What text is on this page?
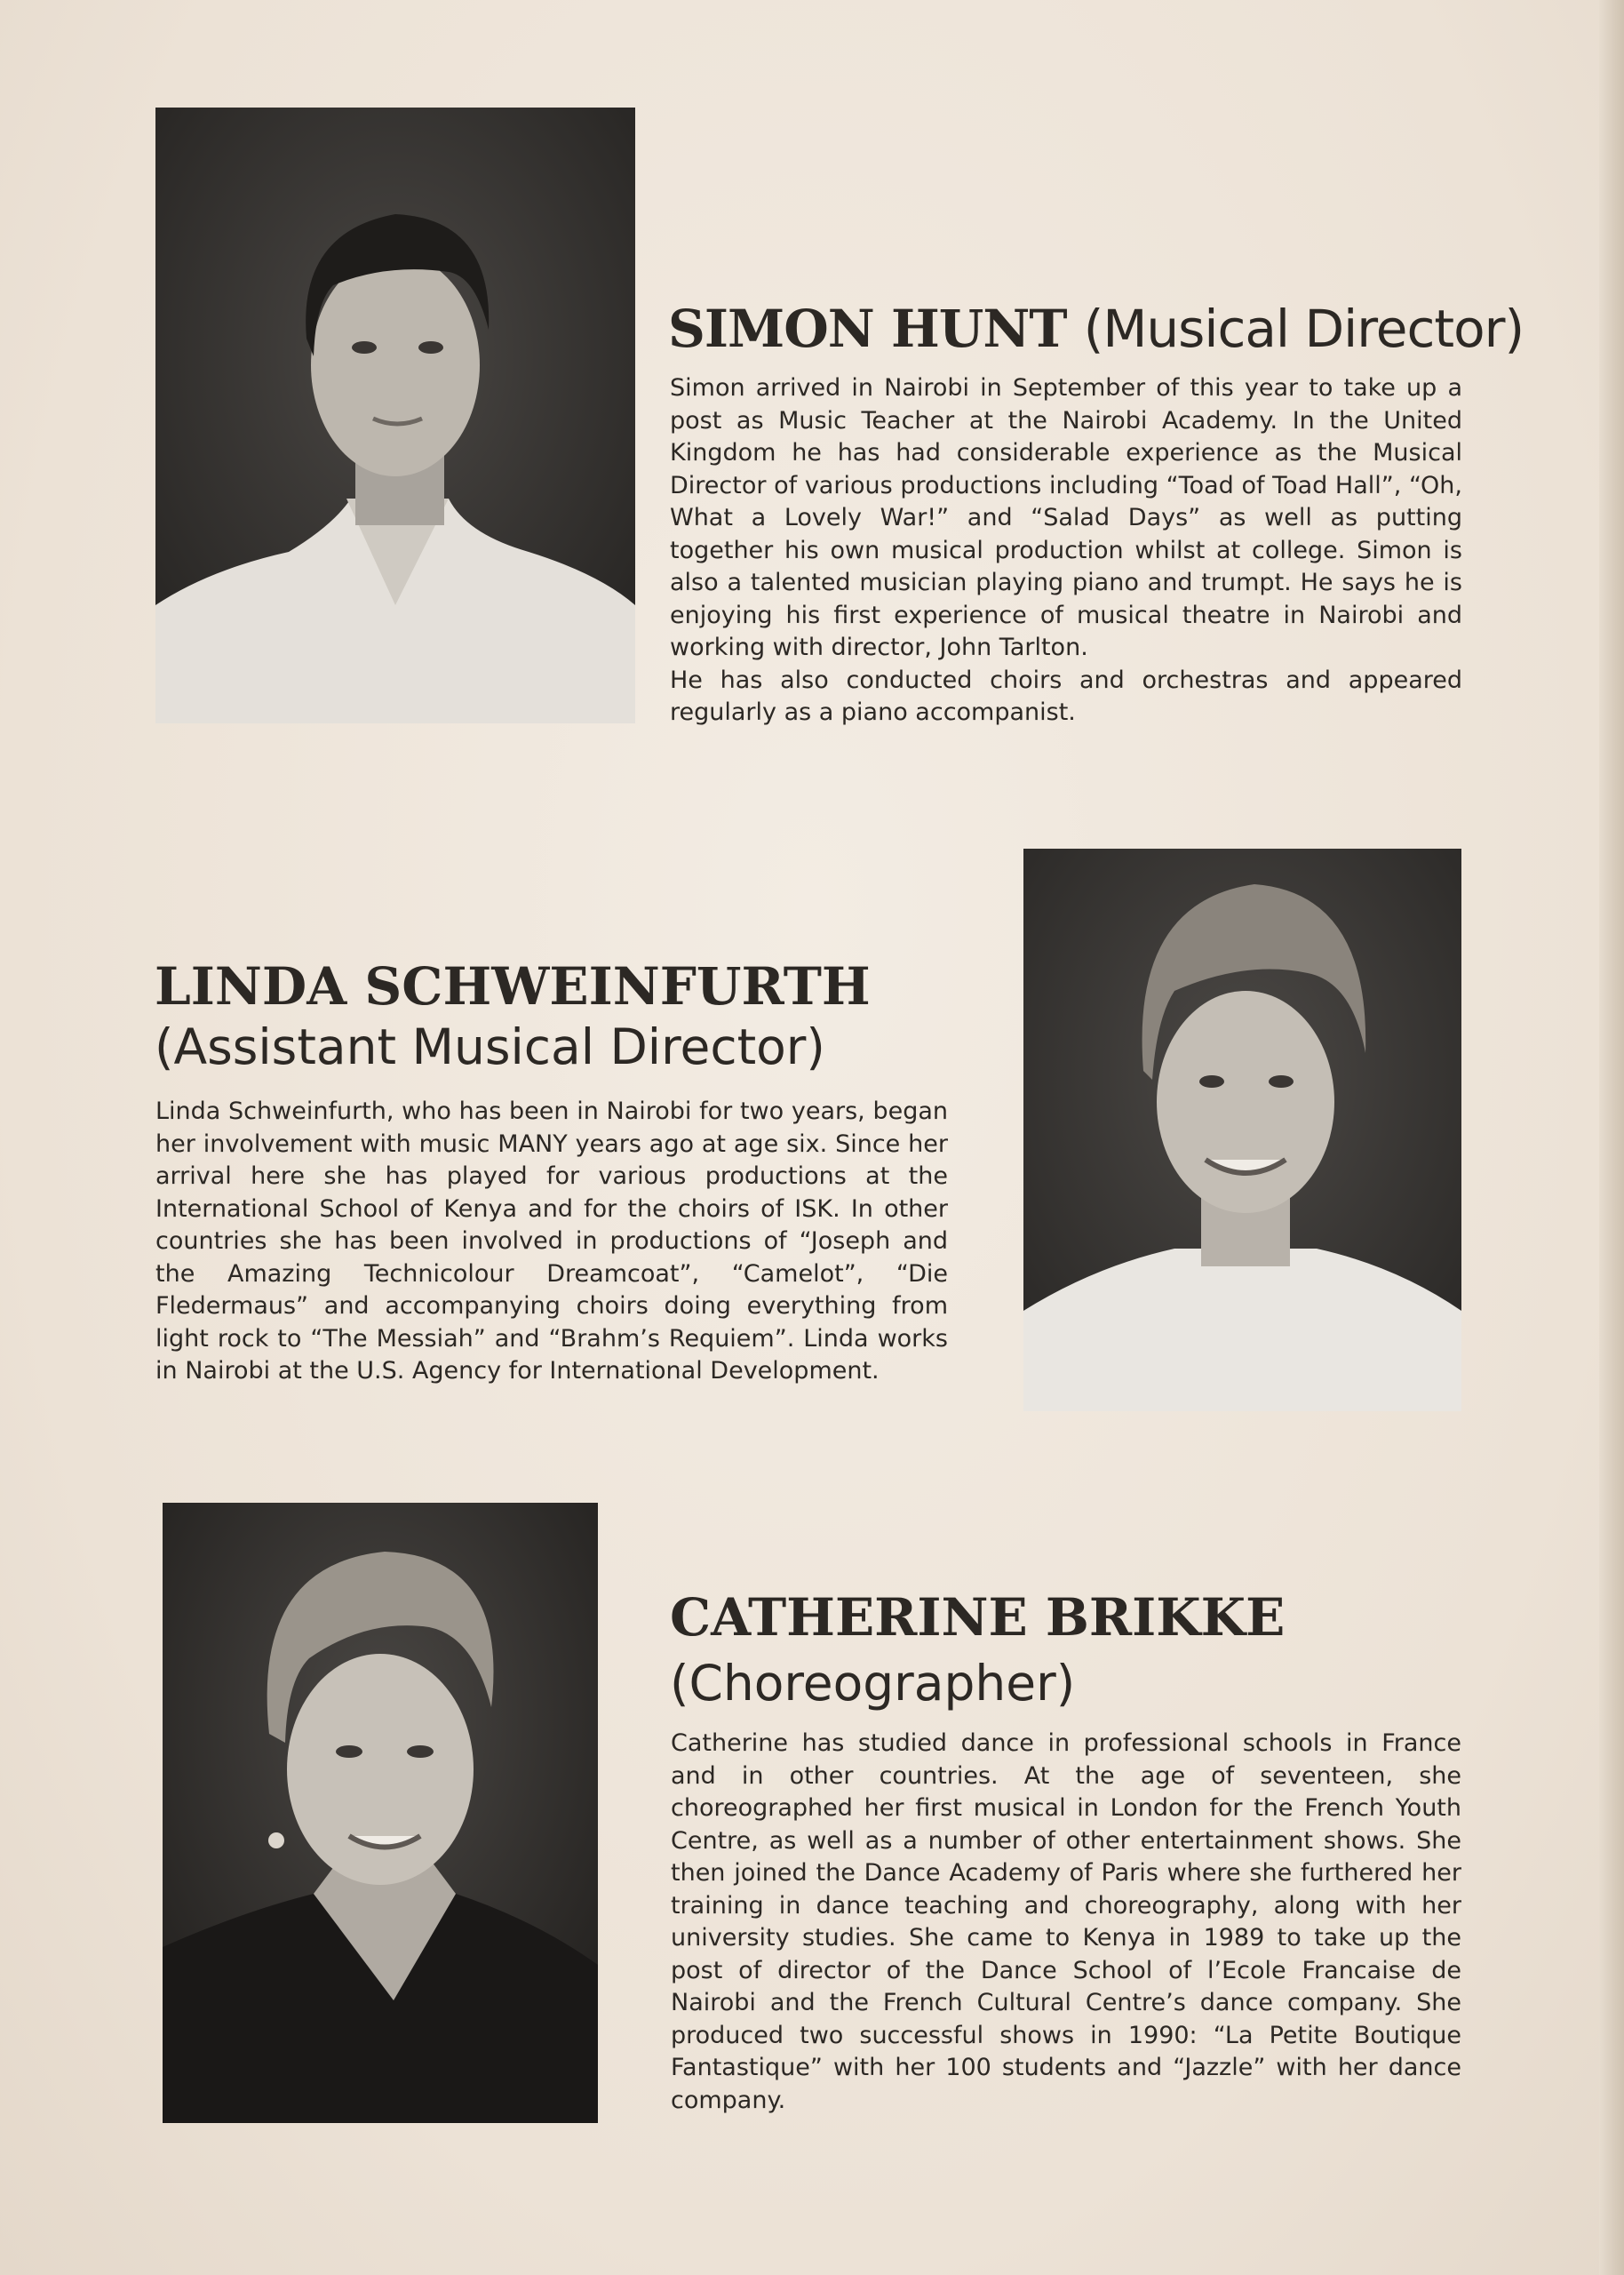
SIMON HUNT (Musical Director)

Simon arrived in Nairobi in September of this year to take up a post as Music Teacher at the Nairobi Academy. In the United Kingdom he has had considerable experience as the Musical Director of various productions including “Toad of Toad Hall”, “Oh, What a Lovely War!” and “Salad Days” as well as putting together his own musical production whilst at college. Simon is also a talented musician playing piano and trumpt. He says he is enjoying his first experience of musical theatre in Nairobi and working with director, John Tarlton.

He has also conducted choirs and orchestras and appeared regularly as a piano accompanist.

LINDA SCHWEINFURTH
(Assistant Musical Director)

Linda Schweinfurth, who has been in Nairobi for two years, began her involvement with music MANY years ago at age six. Since her arrival here she has played for various productions at the International School of Kenya and for the choirs of ISK. In other countries she has been involved in productions of “Joseph and the Amazing Technicolour Dreamcoat”, “Camelot”, “Die Fledermaus” and accompanying choirs doing everything from light rock to “The Messiah” and “Brahm’s Requiem”. Linda works in Nairobi at the U.S. Agency for International Development.

CATHERINE BRIKKE
(Choreographer)

Catherine has studied dance in professional schools in France and in other countries. At the age of seventeen, she choreographed her first musical in London for the French Youth Centre, as well as a number of other entertainment shows. She then joined the Dance Academy of Paris where she furthered her training in dance teaching and choreography, along with her university studies. She came to Kenya in 1989 to take up the post of director of the Dance School of l’Ecole Francaise de Nairobi and the French Cultural Centre’s dance company. She produced two successful shows in 1990: “La Petite Boutique Fantastique” with her 100 students and “Jazzle” with her dance company.
